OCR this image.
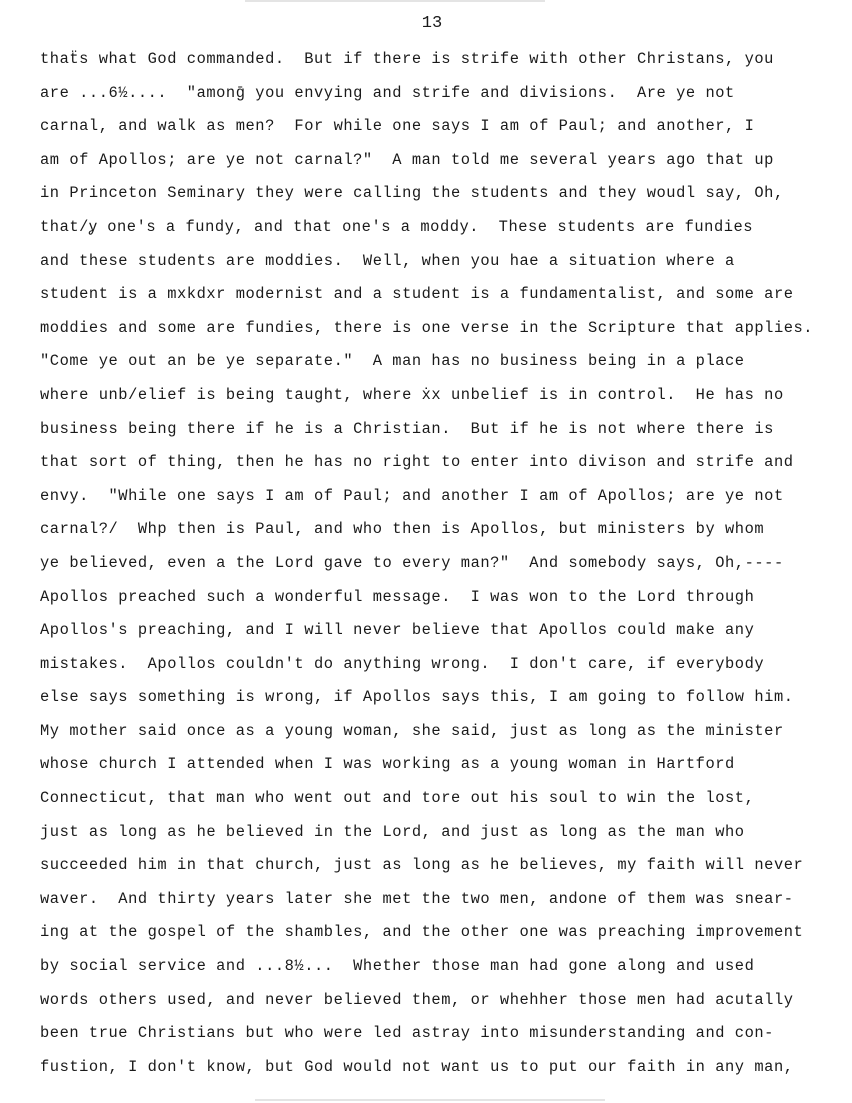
13
thaẗs what God commanded.  But if there is strife with other Christans, you
are ...6½....  "amonḡ you envying and strife and divisions.  Are ye not
carnal, and walk as men?  For while one says I am of Paul; and another, I
am of Apollos; are ye not carnal?"  A man told me several years ago that up
in Princeton Seminary they were calling the students and they woudl say, Oh,
that/ỿ one's a fundy, and that one's a moddy.  These students are fundies
and these students are moddies.  Well, when you hae a situation where a
student is a mxkdxr modernist and a student is a fundamentalist, and some are
moddies and some are fundies, there is one verse in the Scripture that applies.
"Come ye out an be ye separate."  A man has no business being in a place
where unb/elief is being taught, where ẋx unbelief is in control.  He has no
business being there if he is a Christian.  But if he is not where there is
that sort of thing, then he has no right to enter into divison and strife and
envy.  "While one says I am of Paul; and another I am of Apollos; are ye not
carnal?/  Whp then is Paul, and who then is Apollos, but ministers by whom
ye believed, even a the Lord gave to every man?"  And somebody says, Oh,----
Apollos preached such a wonderful message.  I was won to the Lord through
Apollos's preaching, and I will never believe that Apollos could make any
mistakes.  Apollos couldn't do anything wrong.  I don't care, if everybody
else says something is wrong, if Apollos says this, I am going to follow him.
My mother said once as a young woman, she said, just as long as the minister
whose church I attended when I was working as a young woman in Hartford
Connecticut, that man who went out and tore out his soul to win the lost,
just as long as he believed in the Lord, and just as long as the man who
succeeded him in that church, just as long as he believes, my faith will never
waver.  And thirty years later she met the two men, andone of them was snear-
ing at the gospel of the shambles, and the other one was preaching improvement
by social service and ...8½...  Whether those man had gone along and used
words others used, and never believed them, or whehher those men had acutally
been true Christians but who were led astray into misunderstanding and con-
fustion, I don't know, but God would not want us to put our faith in any man,
